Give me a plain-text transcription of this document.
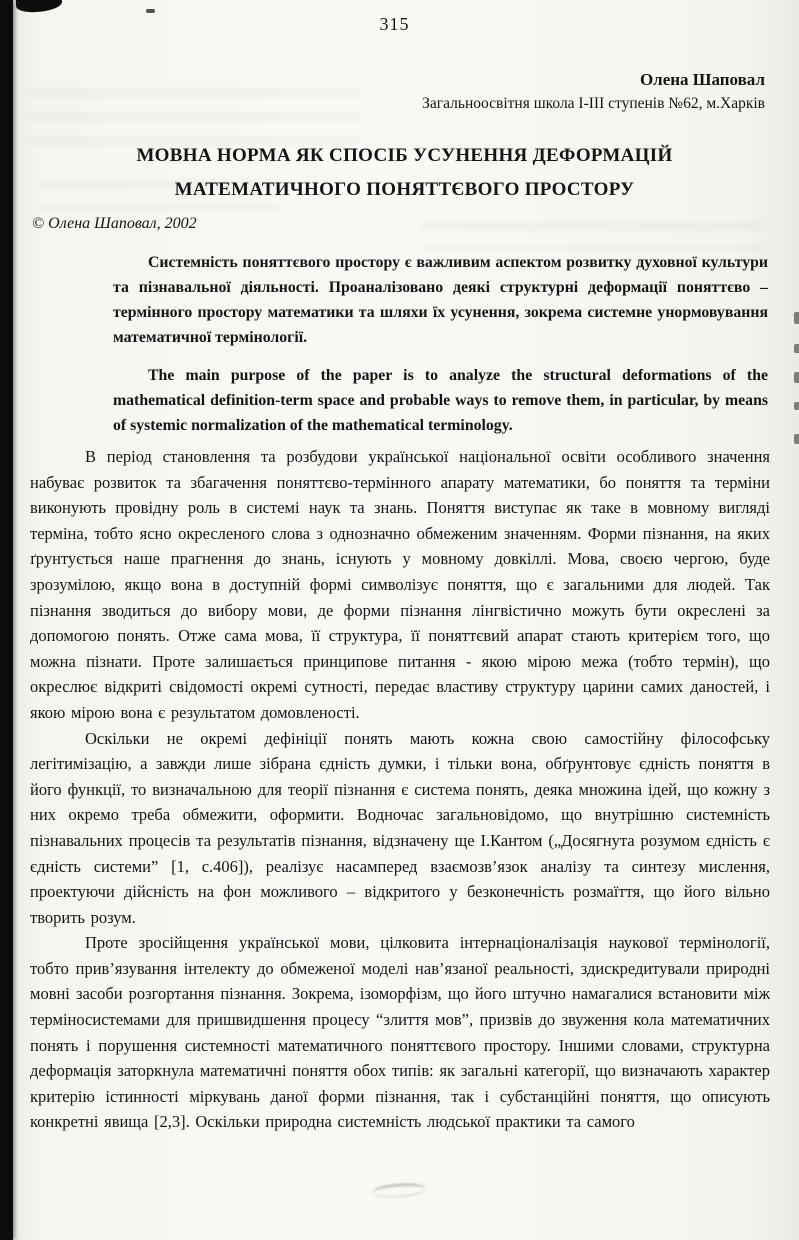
315
Олена Шаповал
Загальноосвітня школа І-ІІІ ступенів №62, м.Харків
МОВНА НОРМА ЯК СПОСІБ УСУНЕННЯ ДЕФОРМАЦІЙ
МАТЕМАТИЧНОГО ПОНЯТТЄВОГО ПРОСТОРУ
© Олена Шаповал, 2002

Системність поняттєвого простору є важливим аспектом розвитку духовної культури та пізнавальної діяльності. Проаналізовано деякі структурні деформації поняттєво – термінного простору математики та шляхи їх усунення, зокрема системне унормовування математичної термінології.

The main purpose of the paper is to analyze the structural deformations of the mathematical definition-term space and probable ways to remove them, in particular, by means of systemic normalization of the mathematical terminology.

В період становлення та розбудови української національної освіти особливого значення набуває розвиток та збагачення поняттєво-термінного апарату математики, бо поняття та терміни виконують провідну роль в системі наук та знань. Поняття виступає як таке в мовному вигляді терміна, тобто ясно окресленого слова з однозначно обмеженим значенням. Форми пізнання, на яких ґрунтується наше прагнення до знань, існують у мовному довкіллі. Мова, своєю чергою, буде зрозумілою, якщо вона в доступній формі символізує поняття, що є загальними для людей. Так пізнання зводиться до вибору мови, де форми пізнання лінгвістично можуть бути окреслені за допомогою понять. Отже сама мова, її структура, її поняттєвий апарат стають критерієм того, що можна пізнати. Проте залишається принципове питання - якою мірою межа (тобто термін), що окреслює відкриті свідомості окремі сутності, передає властиву структуру царини самих даностей, і якою мірою вона є результатом домовленості.

Оскільки не окремі дефініції понять мають кожна свою самостійну філософську легітимізацію, а завжди лише зібрана єдність думки, і тільки вона, обґрунтовує єдність поняття в його функції, то визначальною для теорії пізнання є система понять, деяка множина ідей, що кожну з них окремо треба обмежити, оформити. Водночас загальновідомо, що внутрішню системність пізнавальних процесів та результатів пізнання, відзначену ще І.Кантом („Досягнута розумом єдність є єдність системи” [1, с.406]), реалізує насамперед взаємозв’язок аналізу та синтезу мислення, проектуючи дійсність на фон можливого – відкритого у безконечність розмаїття, що його вільно творить розум.

Проте зросійщення української мови, цілковита інтернаціоналізація наукової термінології, тобто прив’язування інтелекту до обмеженої моделі нав’язаної реальності, здискредитували природні мовні засоби розгортання пізнання. Зокрема, ізоморфізм, що його штучно намагалися встановити між терміносистемами для пришвидшення процесу “злиття мов”, призвів до звуження кола математичних понять і порушення системності математичного поняттєвого простору. Іншими словами, структурна деформація заторкнула математичні поняття обох типів: як загальні категорії, що визначають характер критерію істинності міркувань даної форми пізнання, так і субстанційні поняття, що описують конкретні явища [2,3]. Оскільки природна системність людської практики та самого
